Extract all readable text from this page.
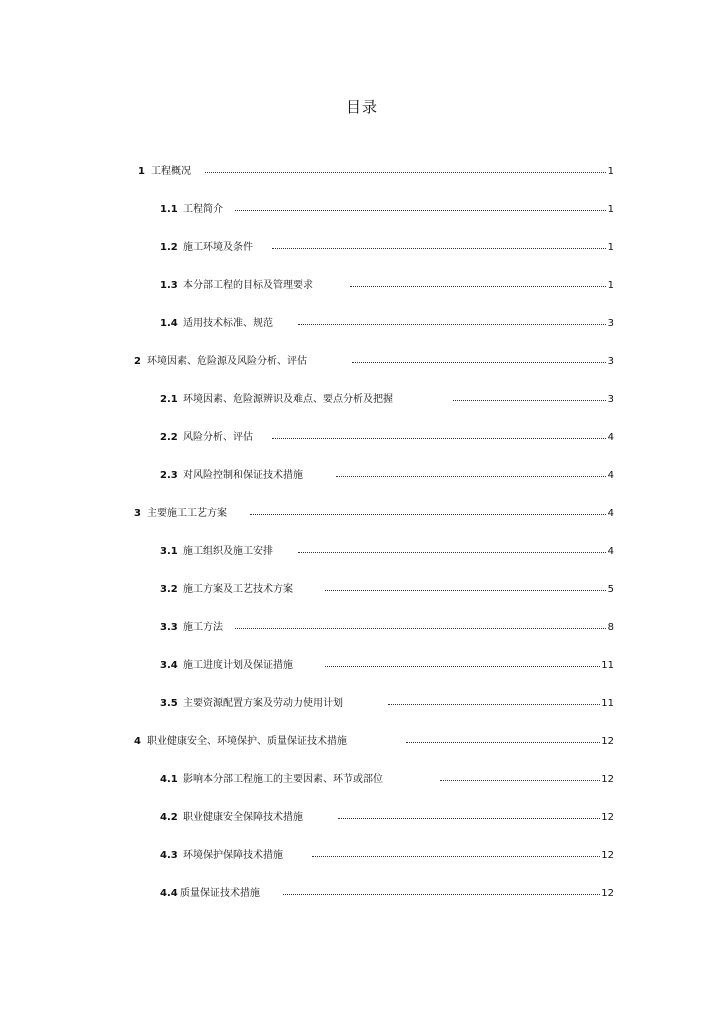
目录
1 工程概况	1
1.1 工程简介	1
1.2 施工环境及条件	1
1.3 本分部工程的目标及管理要求	1
1.4 适用技术标准、规范	3
2 环境因素、危险源及风险分析、评估	3
2.1 环境因素、危险源辨识及难点、要点分析及把握	3
2.2 风险分析、评估	4
2.3 对风险控制和保证技术措施	4
3 主要施工工艺方案	4
3.1 施工组织及施工安排	4
3.2 施工方案及工艺技术方案	5
3.3 施工方法	8
3.4 施工进度计划及保证措施	11
3.5 主要资源配置方案及劳动力使用计划	11
4 职业健康安全、环境保护、质量保证技术措施	12
4.1 影响本分部工程施工的主要因素、环节或部位	12
4.2 职业健康安全保障技术措施	12
4.3 环境保护保障技术措施	12
4.4 质量保证技术措施	12
